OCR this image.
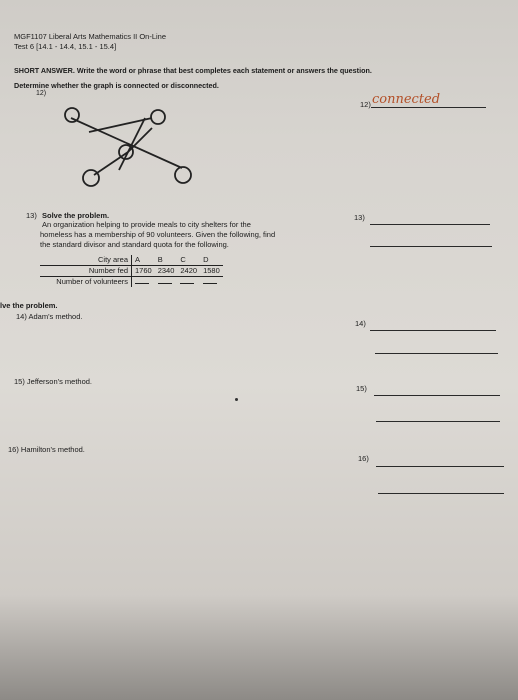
MGF1107 Liberal Arts Mathematics II On-Line
Test 6 [14.1 - 14.4, 15.1 - 15.4]
SHORT ANSWER. Write the word or phrase that best completes each statement or answers the question.
Determine whether the graph is connected or disconnected.
12)
12) connected
13) Solve the problem.
An organization helping to provide meals to city shelters for the
homeless has a membership of 90 volunteers. Given the following, find
the standard divisor and standard quota for the following.
13)
City area	A	B	C	D
Number fed	1760	2340	2420	1580
Number of volunteers				
lve the problem.
14) Adam's method.
14)
15) Jefferson's method.
15)
16) Hamilton's method.
16)
